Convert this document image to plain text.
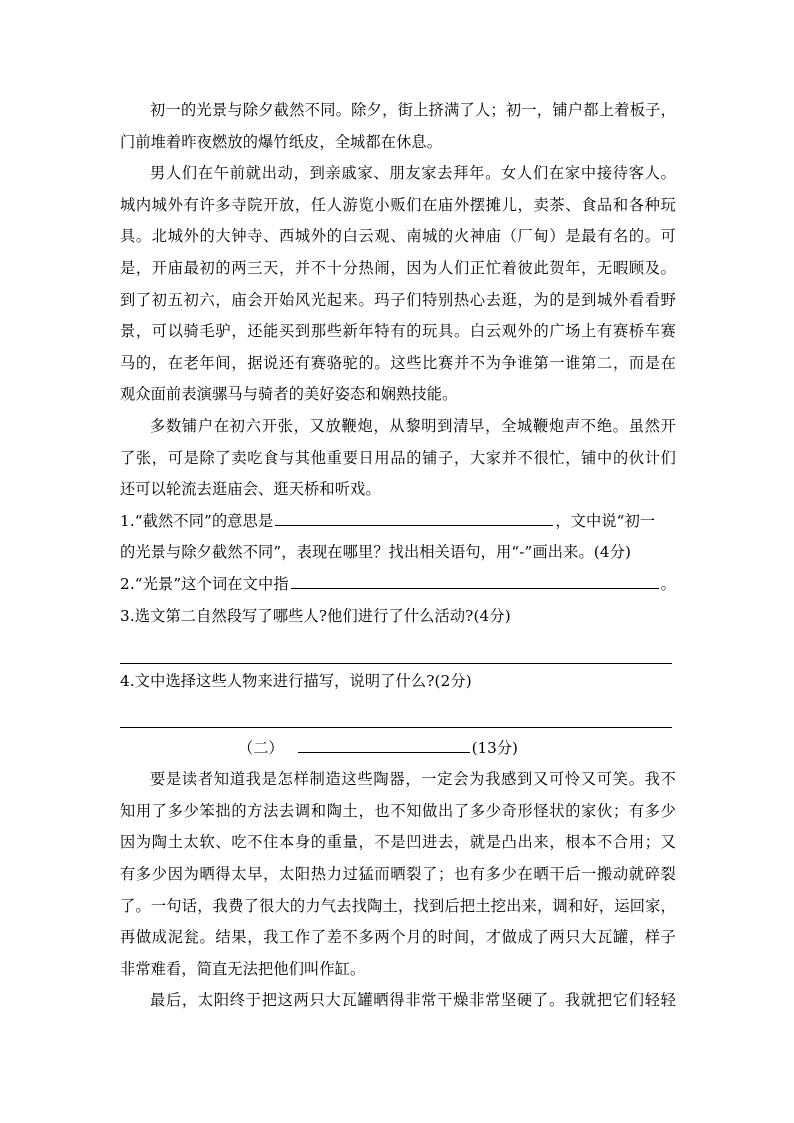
初一的光景与除夕截然不同。除夕，街上挤满了人；初一，铺户都上着板子，
门前堆着昨夜燃放的爆竹纸皮，全城都在休息。
男人们在午前就出动，到亲戚家、朋友家去拜年。女人们在家中接待客人。
城内城外有许多寺院开放，任人游览小贩们在庙外摆摊儿，卖茶、食品和各种玩
具。北城外的大钟寺、西城外的白云观、南城的火神庙（厂甸）是最有名的。可
是，开庙最初的两三天，并不十分热闹，因为人们正忙着彼此贺年，无暇顾及。
到了初五初六，庙会开始风光起来。玛子们特别热心去逛，为的是到城外看看野
景，可以骑毛驴，还能买到那些新年特有的玩具。白云观外的广场上有赛桥车赛
马的，在老年间，据说还有赛骆驼的。这些比赛并不为争谁第一谁第二，而是在
观众面前表演骡马与骑者的美好姿态和娴熟技能。
多数铺户在初六开张，又放鞭炮，从黎明到清早，全城鞭炮声不绝。虽然开
了张，可是除了卖吃食与其他重要日用品的铺子，大家并不很忙，铺中的伙计们
还可以轮流去逛庙会、逛天桥和听戏。
1.“截然不同”的意思是	，文中说“初一
的光景与除夕截然不同”，表现在哪里？找出相关语句，用“-”画出来。(4分)
2.“光景”这个词在文中指	。
3.选文第二自然段写了哪些人?他们进行了什么活动?(4分)
4.文中选择这些人物来进行描写，说明了什么?(2分)
（二）	(13分)
要是读者知道我是怎样制造这些陶器，一定会为我感到又可怜又可笑。我不
知用了多少笨拙的方法去调和陶土，也不知做出了多少奇形怪状的家伙；有多少
因为陶土太软、吃不住本身的重量，不是凹进去，就是凸出来，根本不合用；又
有多少因为晒得太早，太阳热力过猛而晒裂了；也有多少在晒干后一搬动就碎裂
了。一句话，我费了很大的力气去找陶土，找到后把土挖出来，调和好，运回家，
再做成泥瓮。结果，我工作了差不多两个月的时间，才做成了两只大瓦罐，样子
非常难看，简直无法把他们叫作缸。
最后，太阳终于把这两只大瓦罐晒得非常干燥非常坚硬了。我就把它们轻轻
